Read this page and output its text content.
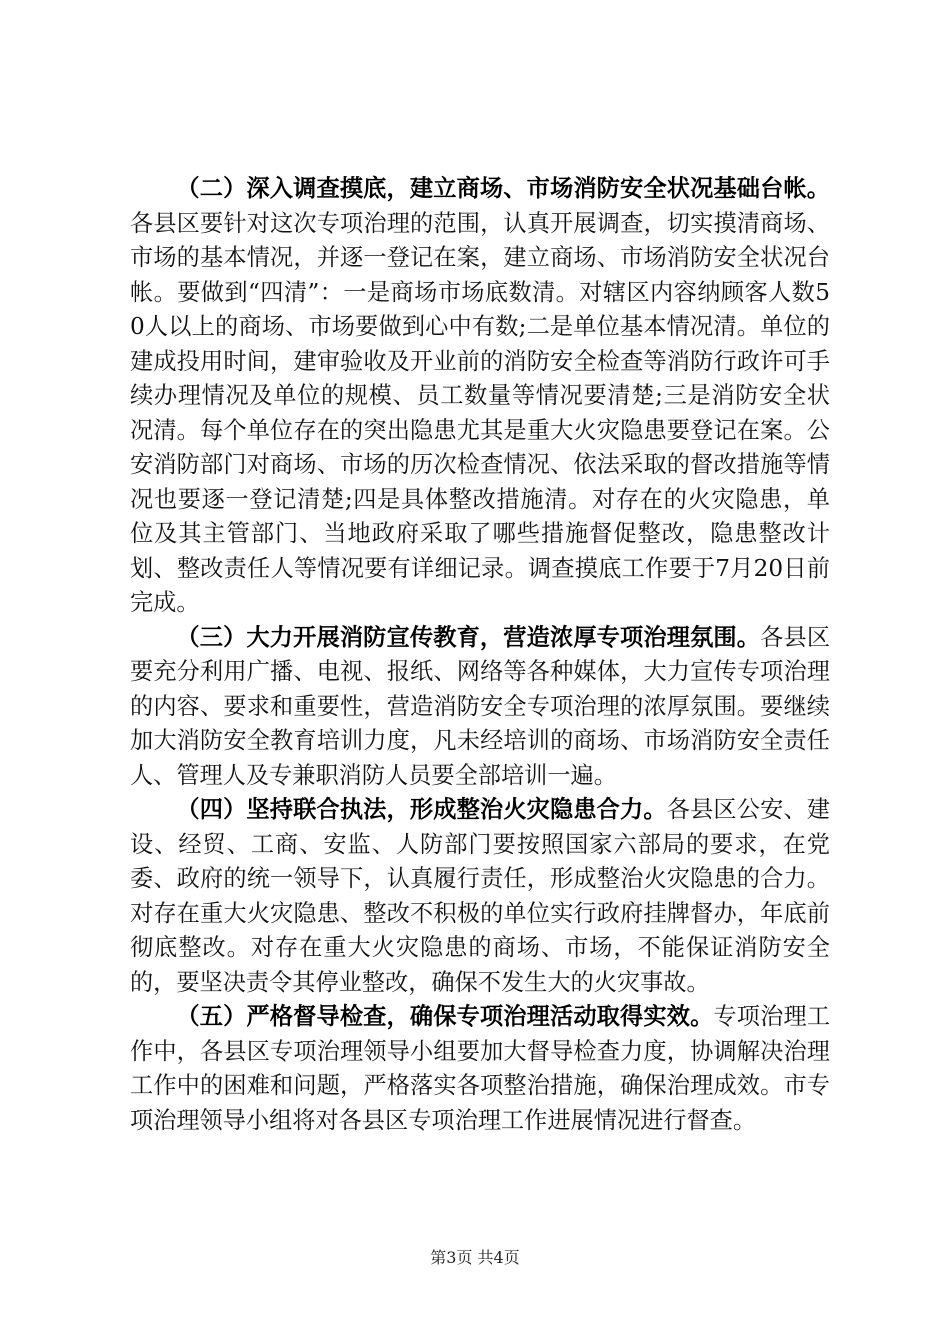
（二）深入调查摸底，建立商场、市场消防安全状况基础台帐。各县区要针对这次专项治理的范围，认真开展调查，切实摸清商场、市场的基本情况，并逐一登记在案，建立商场、市场消防安全状况台帐。要做到“四清”：一是商场市场底数清。对辖区内容纳顾客人数50人以上的商场、市场要做到心中有数;二是单位基本情况清。单位的建成投用时间，建审验收及开业前的消防安全检查等消防行政许可手续办理情况及单位的规模、员工数量等情况要清楚;三是消防安全状况清。每个单位存在的突出隐患尤其是重大火灾隐患要登记在案。公安消防部门对商场、市场的历次检查情况、依法采取的督改措施等情况也要逐一登记清楚;四是具体整改措施清。对存在的火灾隐患，单位及其主管部门、当地政府采取了哪些措施督促整改，隐患整改计划、整改责任人等情况要有详细记录。调查摸底工作要于7月20日前完成。

（三）大力开展消防宣传教育，营造浓厚专项治理氛围。各县区要充分利用广播、电视、报纸、网络等各种媒体，大力宣传专项治理的内容、要求和重要性，营造消防安全专项治理的浓厚氛围。要继续加大消防安全教育培训力度，凡未经培训的商场、市场消防安全责任人、管理人及专兼职消防人员要全部培训一遍。

（四）坚持联合执法，形成整治火灾隐患合力。各县区公安、建设、经贸、工商、安监、人防部门要按照国家六部局的要求，在党委、政府的统一领导下，认真履行责任，形成整治火灾隐患的合力。对存在重大火灾隐患、整改不积极的单位实行政府挂牌督办，年底前彻底整改。对存在重大火灾隐患的商场、市场，不能保证消防安全的，要坚决责令其停业整改，确保不发生大的火灾事故。

（五）严格督导检查，确保专项治理活动取得实效。专项治理工作中，各县区专项治理领导小组要加大督导检查力度，协调解决治理工作中的困难和问题，严格落实各项整治措施，确保治理成效。市专项治理领导小组将对各县区专项治理工作进展情况进行督查。

第3页 共4页
